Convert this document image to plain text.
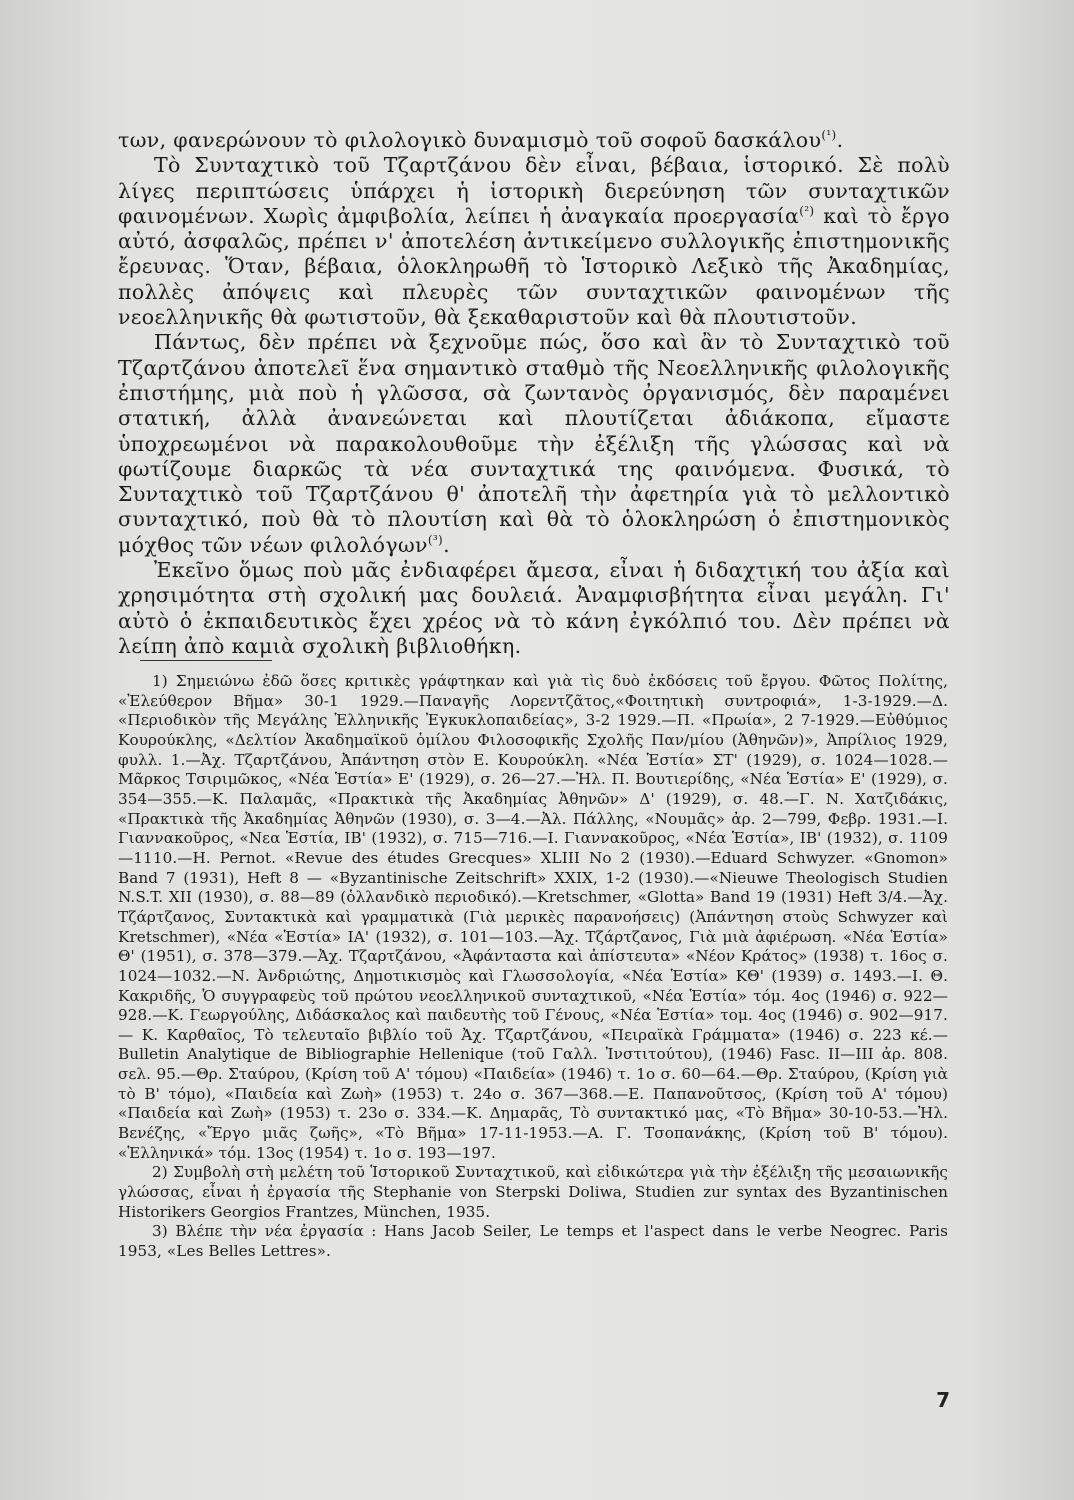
των, φανερώνουν τὸ φιλολογικὸ δυναμισμὸ τοῦ σοφοῦ δασκάλου$^{(^1)}$.

Τὸ Συνταχτικὸ τοῦ Τζαρτζάνου δὲν εἶναι, βέβαια, ἱστορικό. Σὲ πολὺ λίγες περιπτώσεις ὑπάρχει ἡ ἱστορικὴ διερεύνηση τῶν συνταχτικῶν φαινομένων. Χωρὶς ἀμφιβολία, λείπει ἡ ἀναγκαία προεργασία$^{(^2)}$ καὶ τὸ ἔργο αὐτό, ἀσφαλῶς, πρέπει ν' ἀποτελέση ἀντικείμενο συλλογικῆς ἐπιστημονικῆς ἔρευνας. Ὅταν, βέβαια, ὁλοκληρωθῆ τὸ Ἱστορικὸ Λεξικὸ τῆς Ἀκαδημίας, πολλὲς ἀπόψεις καὶ πλευρὲς τῶν συνταχτικῶν φαινομένων τῆς νεοελληνικῆς θὰ φωτιστοῦν, θὰ ξεκαθαριστοῦν καὶ θὰ πλουτιστοῦν.

Πάντως, δὲν πρέπει νὰ ξεχνοῦμε πώς, ὅσο καὶ ἂν τὸ Συνταχτικὸ τοῦ Τζαρτζάνου ἀποτελεῖ ἕνα σημαντικὸ σταθμὸ τῆς Νεοελληνικῆς φιλολογικῆς ἐπιστήμης, μιὰ ποὺ ἡ γλῶσσα, σὰ ζωντανὸς ὀργανισμός, δὲν παραμένει στατική, ἀλλὰ ἀνανεώνεται καὶ πλουτίζεται ἀδιάκοπα, εἴμαστε ὑποχρεωμένοι νὰ παρακολουθοῦμε τὴν ἐξέλιξη τῆς γλώσσας καὶ νὰ φωτίζουμε διαρκῶς τὰ νέα συνταχτικά της φαινόμενα. Φυσικά, τὸ Συνταχτικὸ τοῦ Τζαρτζάνου θ' ἀποτελῆ τὴν ἀφετηρία γιὰ τὸ μελλοντικὸ συνταχτικό, ποὺ θὰ τὸ πλουτίση καὶ θὰ τὸ ὁλοκληρώση ὁ ἐπιστημονικὸς μόχθος τῶν νέων φιλολόγων$^{(^3)}$.

Ἐκεῖνο ὅμως ποὺ μᾶς ἐνδιαφέρει ἄμεσα, εἶναι ἡ διδαχτική του ἀξία καὶ χρησιμότητα στὴ σχολική μας δουλειά. Ἀναμφισβήτητα εἶναι μεγάλη. Γι' αὐτὸ ὁ ἐκπαιδευτικὸς ἔχει χρέος νὰ τὸ κάνη ἐγκόλπιό του. Δὲν πρέπει νὰ λείπη ἀπὸ καμιὰ σχολικὴ βιβλιοθήκη.

1) Σημειώνω ἐδῶ ὅσες κριτικὲς γράφτηκαν καὶ γιὰ τὶς δυὸ ἐκδόσεις τοῦ ἔργου. Φῶτος Πολίτης, «Ἐλεύθερον Βῆμα» 30-1 1929.—Παναγῆς Λορεντζᾶτος,«Φοιτητικὴ συντροφιά», 1-3-1929.—Δ. «Περιοδικὸν τῆς Μεγάλης Ἑλληνικῆς Ἐγκυκλοπαιδείας», 3-2 1929.—Π. «Πρωία», 2 7-1929.—Εὐθύμιος Κουρούκλης, «Δελτίον Ἀκαδημαϊκοῦ ὁμίλου Φιλοσοφικῆς Σχολῆς Παν/μίου (Ἀθηνῶν)», Ἀπρίλιος 1929, φυλλ. 1.—Ἀχ. Τζαρτζάνου, Ἀπάντηση στὸν Ε. Κουρούκλη. «Νέα Ἑστία» ΣΤ' (1929), σ. 1024—1028.—Μᾶρκος Τσιριμῶκος, «Νέα Ἑστία» Ε' (1929), σ. 26—27.—Ἠλ. Π. Βουτιερίδης, «Νέα Ἑστία» Ε' (1929), σ. 354—355.—Κ. Παλαμᾶς, «Πρακτικὰ τῆς Ἀκαδημίας Ἀθηνῶν» Δ' (1929), σ. 48.—Γ. Ν. Χατζιδάκις, «Πρακτικὰ τῆς Ἀκαδημίας Ἀθηνῶν (1930), σ. 3—4.—Ἀλ. Πάλλης, «Νουμᾶς» ἀρ. 2—799, Φεβρ. 1931.—Ι. Γιαννακοῦρος, «Νεα Ἑστία, ΙΒ' (1932), σ. 715—716.—Ι. Γιαννακοῦρος, «Νέα Ἑστία», ΙΒ' (1932), σ. 1109—1110.—H. Pernot. «Revue des études Grecques» XLIII No 2 (1930).—Eduard Schwyzer. «Gnomon» Band 7 (1931), Heft 8 — «Byzantinische Zeitschrift» XXIX, 1-2 (1930).—«Nieuwe Theologisch Studien N.S.T. XII (1930), σ. 88—89 (ὁλλανδικὸ περιοδικό).—Kretschmer, «Glotta» Band 19 (1931) Heft 3/4.—Ἀχ. Τζάρτζανος, Συντακτικὰ καὶ γραμματικὰ (Γιὰ μερικὲς παρανοήσεις) (Ἀπάντηση στοὺς Schwyzer καὶ Kretschmer), «Νέα «Ἑστία» ΙΑ' (1932), σ. 101—103.—Ἀχ. Τζάρτζανος, Γιὰ μιὰ ἀφιέρωση. «Νέα Ἑστία» Θ' (1951), σ. 378—379.—Ἀχ. Τζαρτζάνου, «Ἀφάνταστα καὶ ἀπίστευτα» «Νέον Κράτος» (1938) τ. 16ος σ. 1024—1032.—Ν. Ἀνδριώτης, Δημοτικισμὸς καὶ Γλωσσολογία, «Νέα Ἑστία» ΚΘ' (1939) σ. 1493.—Ι. Θ. Κακριδῆς, Ὁ συγγραφεὺς τοῦ πρώτου νεοελληνικοῦ συνταχτικοῦ, «Νέα Ἑστία» τόμ. 4ος (1946) σ. 922—928.—Κ. Γεωργούλης, Διδάσκαλος καὶ παιδευτὴς τοῦ Γένους, «Νέα Ἑστία» τομ. 4ος (1946) σ. 902—917. — Κ. Καρθαῖος, Τὸ τελευταῖο βιβλίο τοῦ Ἀχ. Τζαρτζάνου, «Πειραϊκὰ Γράμματα» (1946) σ. 223 κέ.—Bulletin Analytique de Bibliographie Hellenique (τοῦ Γαλλ. Ἰνστιτούτου), (1946) Fasc. II—III ἀρ. 808. σελ. 95.—Θρ. Σταύρου, (Κρίση τοῦ Α' τόμου) «Παιδεία» (1946) τ. 1ο σ. 60—64.—Θρ. Σταύρου, (Κρίση γιὰ τὸ Β' τόμο), «Παιδεία καὶ Ζωὴ» (1953) τ. 24ο σ. 367—368.—Ε. Παπανοῦτσος, (Κρίση τοῦ Α' τόμου) «Παιδεία καὶ Ζωὴ» (1953) τ. 23ο σ. 334.—Κ. Δημαρᾶς, Τὸ συντακτικό μας, «Τὸ Βῆμα» 30-10-53.—Ἠλ. Βενέζης, «Ἔργο μιᾶς ζωῆς», «Τὸ Βῆμα» 17-11-1953.—Α. Γ. Τσοπανάκης, (Κρίση τοῦ Β' τόμου). «Ἑλληνικά» τόμ. 13ος (1954) τ. 1ο σ. 193—197.

2) Συμβολὴ στὴ μελέτη τοῦ Ἱστορικοῦ Συνταχτικοῦ, καὶ εἰδικώτερα γιὰ τὴν ἐξέλιξη τῆς μεσαιωνικῆς γλώσσας, εἶναι ἡ ἐργασία τῆς Stephanie von Sterpski Doliwa, Studien zur syntax des Byzantinischen Historikers Georgios Frantzes, München, 1935.

3) Βλέπε τὴν νέα ἐργασία : Hans Jacob Seiler, Le temps et l'aspect dans le verbe Neogrec. Paris 1953, «Les Belles Lettres».

7
